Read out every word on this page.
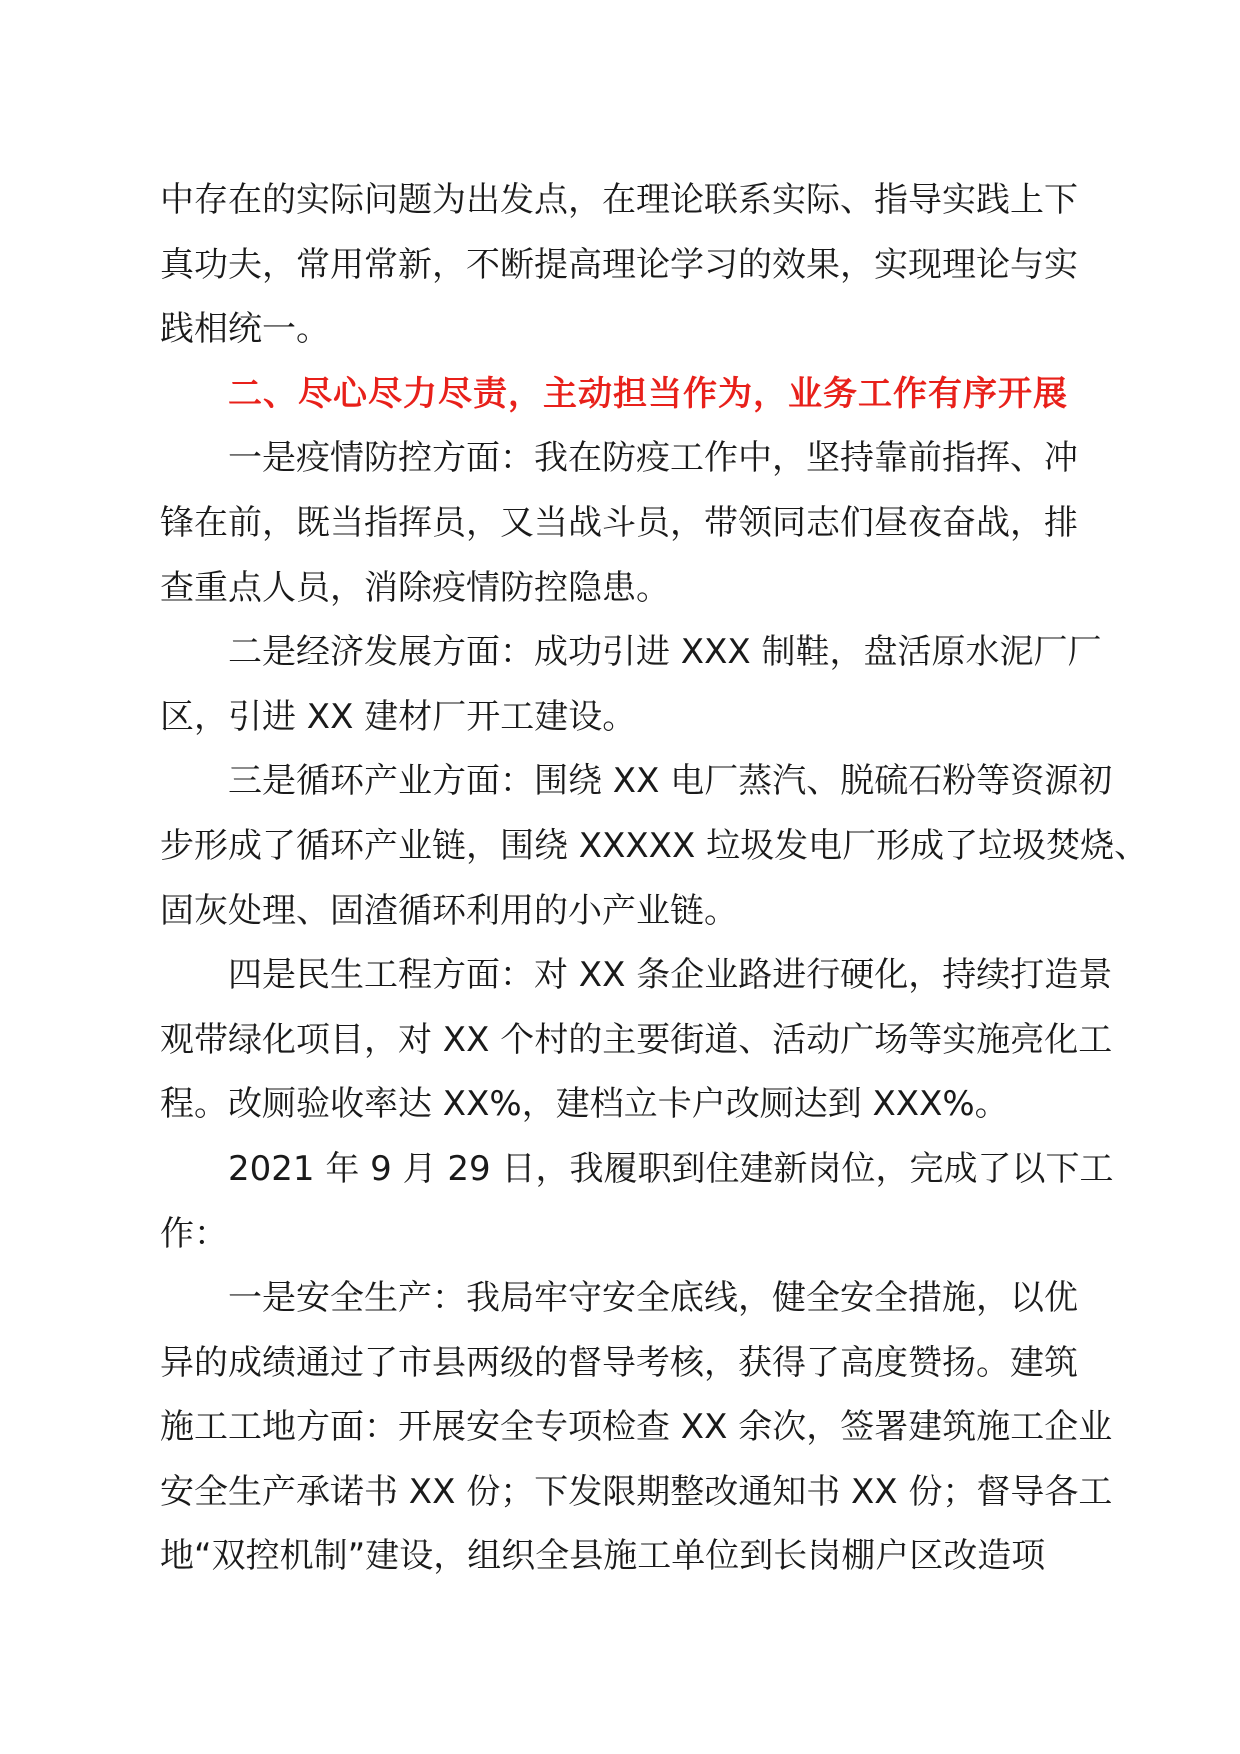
中存在的实际问题为出发点，在理论联系实际、指导实践上下
真功夫，常用常新，不断提高理论学习的效果，实现理论与实
践相统一。
二、尽心尽力尽责，主动担当作为，业务工作有序开展
一是疫情防控方面：我在防疫工作中，坚持靠前指挥、冲
锋在前，既当指挥员，又当战斗员，带领同志们昼夜奋战，排
查重点人员，消除疫情防控隐患。
二是经济发展方面：成功引进 XXX 制鞋，盘活原水泥厂厂
区，引进 XX 建材厂开工建设。
三是循环产业方面：围绕 XX 电厂蒸汽、脱硫石粉等资源初
步形成了循环产业链，围绕 XXXXX 垃圾发电厂形成了垃圾焚烧、
固灰处理、固渣循环利用的小产业链。
四是民生工程方面：对 XX 条企业路进行硬化，持续打造景
观带绿化项目，对 XX 个村的主要街道、活动广场等实施亮化工
程。改厕验收率达 XX%，建档立卡户改厕达到 XXX%。
2021 年 9 月 29 日，我履职到住建新岗位，完成了以下工
作：
一是安全生产：我局牢守安全底线，健全安全措施，以优
异的成绩通过了市县两级的督导考核，获得了高度赞扬。建筑
施工工地方面：开展安全专项检查 XX 余次，签署建筑施工企业
安全生产承诺书 XX 份；下发限期整改通知书 XX 份；督导各工
地“双控机制”建设，组织全县施工单位到长岗棚户区改造项
